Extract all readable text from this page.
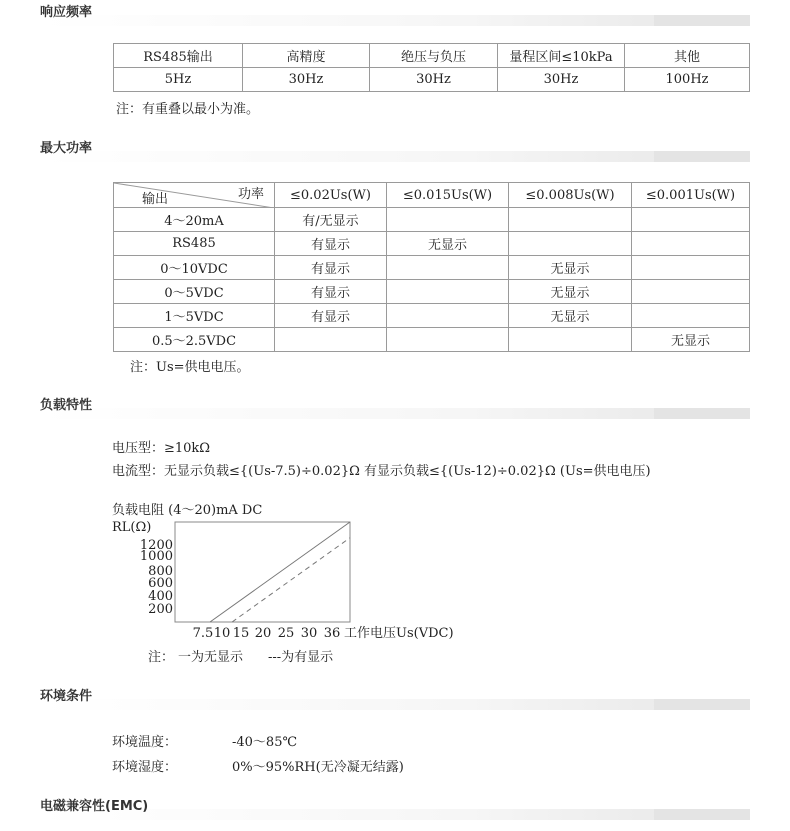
响应频率
RS485输出	高精度	绝压与负压	量程区间≤10kPa	其他
5Hz	30Hz	30Hz	30Hz	100Hz
注：有重叠以最小为准。
最大功率
功率
输出	≤0.02Us(W)	≤0.015Us(W)	≤0.008Us(W)	≤0.001Us(W)
4～20mA	有/无显示			
RS485	有显示	无显示		
0～10VDC	有显示		无显示	
0～5VDC	有显示		无显示	
1～5VDC	有显示		无显示	
0.5～2.5VDC				无显示
注：Us=供电电压。
负载特性
电压型：≥10kΩ
电流型：无显示负载≤{(Us-7.5)÷0.02}Ω 有显示负载≤{(Us-12)÷0.02}Ω (Us=供电电压)
负载电阻 (4～20)mA DC
RL(Ω)
1200
1000
800
600
400
200
7.5 10 15 20 25 30 36 工作电压Us(VDC)
注： 一为无显示 ---为有显示
环境条件
环境温度：	-40～85℃
环境湿度：	0%～95%RH(无冷凝无结露)
电磁兼容性(EMC)
